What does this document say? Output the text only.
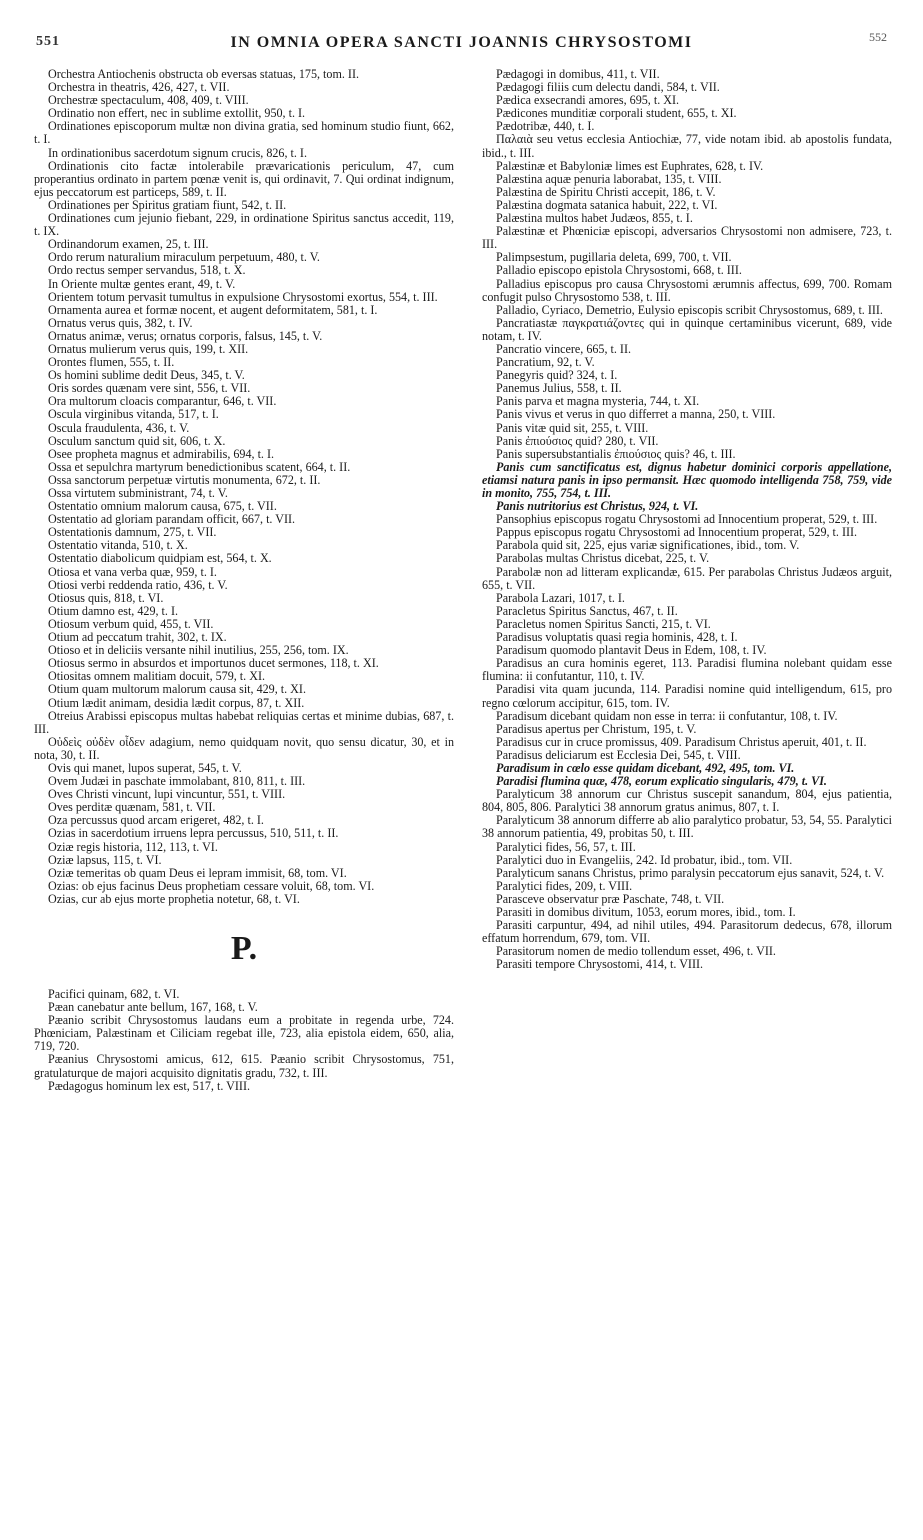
551	IN OMNIA OPERA SANCTI JOANNIS CHRYSOSTOMI	552

Orchestra Antiochenis obstructa ob eversas statuas, 175, tom. II.

Orchestra in theatris, 426, 427, t. VII.

Orchestræ spectaculum, 408, 409, t. VIII.

Ordinatio non effert, nec in sublime extollit, 950, t. I.

Ordinationes episcoporum multæ non divina gratia, sed hominum studio fiunt, 662, t. I.

In ordinationibus sacerdotum signum crucis, 826, t. I.

Ordinationis cito factæ intolerabile prævaricationis periculum, 47, cum properantius ordinato in partem pœnæ venit is, qui ordinavit, 7. Qui ordinat indignum, ejus peccatorum est particeps, 589, t. II.

Ordinationes per Spiritus gratiam fiunt, 542, t. II.

Ordinationes cum jejunio fiebant, 229, in ordinatione Spiritus sanctus accedit, 119, t. IX.

Ordinandorum examen, 25, t. III.

Ordo rerum naturalium miraculum perpetuum, 480, t. V.

Ordo rectus semper servandus, 518, t. X.

In Oriente multæ gentes erant, 49, t. V.

Orientem totum pervasit tumultus in expulsione Chrysostomi exortus, 554, t. III.

Ornamenta aurea et formæ nocent, et augent deformitatem, 581, t. I.

Ornatus verus quis, 382, t. IV.

Ornatus animæ, verus; ornatus corporis, falsus, 145, t. V.

Ornatus mulierum verus quis, 199, t. XII.

Orontes flumen, 555, t. II.

Os homini sublime dedit Deus, 345, t. V.

Oris sordes quænam vere sint, 556, t. VII.

Ora multorum cloacis comparantur, 646, t. VII.

Oscula virginibus vitanda, 517, t. I.

Oscula fraudulenta, 436, t. V.

Osculum sanctum quid sit, 606, t. X.

Osee propheta magnus et admirabilis, 694, t. I.

Ossa et sepulchra martyrum benedictionibus scatent, 664, t. II.

Ossa sanctorum perpetuæ virtutis monumenta, 672, t. II.

Ossa virtutem subministrant, 74, t. V.

Ostentatio omnium malorum causa, 675, t. VII.

Ostentatio ad gloriam parandam officit, 667, t. VII.

Ostentationis damnum, 275, t. VII.

Ostentatio vitanda, 510, t. X.

Ostentatio diabolicum quidpiam est, 564, t. X.

Otiosa et vana verba quæ, 959, t. I.

Otiosi verbi reddenda ratio, 436, t. V.

Otiosus quis, 818, t. VI.

Otium damno est, 429, t. I.

Otiosum verbum quid, 455, t. VII.

Otium ad peccatum trahit, 302, t. IX.

Otioso et in deliciis versante nihil inutilius, 255, 256, tom. IX.

Otiosus sermo in absurdos et importunos ducet sermones, 118, t. XI.

Otiositas omnem malitiam docuit, 579, t. XI.

Otium quam multorum malorum causa sit, 429, t. XI.

Otium lædit animam, desidia lædit corpus, 87, t. XII.

Otreius Arabissi episcopus multas habebat reliquias certas et minime dubias, 687, t. III.

Οὐδεὶς οὐδὲν οἶδεν adagium, nemo quidquam novit, quo sensu dicatur, 30, et in nota, 30, t. II.

Ovis qui manet, lupos superat, 545, t. V.

Ovem Judæi in paschate immolabant, 810, 811, t. III.

Oves Christi vincunt, lupi vincuntur, 551, t. VIII.

Oves perditæ quænam, 581, t. VII.

Oza percussus quod arcam erigeret, 482, t. I.

Ozias in sacerdotium irruens lepra percussus, 510, 511, t. II.

Oziæ regis historia, 112, 113, t. VI.

Oziæ lapsus, 115, t. VI.

Oziæ temeritas ob quam Deus ei lepram immisit, 68, tom. VI.

Ozias: ob ejus facinus Deus prophetiam cessare voluit, 68, tom. VI.

Ozias, cur ab ejus morte prophetia notetur, 68, t. VI.

P.

Pacifici quinam, 682, t. VI.

Pæan canebatur ante bellum, 167, 168, t. V.

Pæanio scribit Chrysostomus laudans eum a probitate in regenda urbe, 724. Phœniciam, Palæstinam et Ciliciam regebat ille, 723, alia epistola eidem, 650, alia, 719, 720.

Pæanius Chrysostomi amicus, 612, 615. Pæanio scribit Chrysostomus, 751, gratulaturque de majori acquisito dignitatis gradu, 732, t. III.

Pædagogus hominum lex est, 517, t. VIII.

Pædagogi in domibus, 411, t. VII.

Pædagogi filiis cum delectu dandi, 584, t. VII.

Pædica exsecrandi amores, 695, t. XI.

Pædicones munditiæ corporali student, 655, t. XI.

Pædotribæ, 440, t. I.

Παλαιὰ seu vetus ecclesia Antiochiæ, 77, vide notam ibid. ab apostolis fundata, ibid., t. III.

Palæstinæ et Babyloniæ limes est Euphrates, 628, t. IV.

Palæstina aquæ penuria laborabat, 135, t. VIII.

Palæstina de Spiritu Christi accepit, 186, t. V.

Palæstina dogmata satanica habuit, 222, t. VI.

Palæstina multos habet Judæos, 855, t. I.

Palæstinæ et Phœniciæ episcopi, adversarios Chrysostomi non admisere, 723, t. III.

Palimpsestum, pugillaria deleta, 699, 700, t. VII.

Palladio episcopo epistola Chrysostomi, 668, t. III.

Palladius episcopus pro causa Chrysostomi ærumnis affectus, 699, 700. Romam confugit pulso Chrysostomo 538, t. III.

Palladio, Cyriaco, Demetrio, Eulysio episcopis scribit Chrysostomus, 689, t. III.

Pancratiastæ παγκρατιάζοντες qui in quinque certaminibus vicerunt, 689, vide notam, t. IV.

Pancratio vincere, 665, t. II.

Pancratium, 92, t. V.

Panegyris quid? 324, t. I.

Panemus Julius, 558, t. II.

Panis parva et magna mysteria, 744, t. XI.

Panis vivus et verus in quo differret a manna, 250, t. VIII.

Panis vitæ quid sit, 255, t. VIII.

Panis ἐπιούσιος quid? 280, t. VII.

Panis supersubstantialis ἐπιούσιος quis? 46, t. III.

Panis cum sanctificatus est, dignus habetur dominici corporis appellatione, etiamsi natura panis in ipso permansit. Hæc quomodo intelligenda 758, 759, vide in monito, 755, 754, t. III.

Panis nutritorius est Christus, 924, t. VI.

Pansophius episcopus rogatu Chrysostomi ad Innocentium properat, 529, t. III.

Pappus episcopus rogatu Chrysostomi ad Innocentium properat, 529, t. III.

Parabola quid sit, 225, ejus variæ significationes, ibid., tom. V.

Parabolas multas Christus dicebat, 225, t. V.

Parabolæ non ad litteram explicandæ, 615. Per parabolas Christus Judæos arguit, 655, t. VII.

Parabola Lazari, 1017, t. I.

Paracletus Spiritus Sanctus, 467, t. II.

Paracletus nomen Spiritus Sancti, 215, t. VI.

Paradisus voluptatis quasi regia hominis, 428, t. I.

Paradisum quomodo plantavit Deus in Edem, 108, t. IV.

Paradisus an cura hominis egeret, 113. Paradisi flumina nolebant quidam esse flumina: ii confutantur, 110, t. IV.

Paradisi vita quam jucunda, 114. Paradisi nomine quid intelligendum, 615, pro regno cœlorum accipitur, 615, tom. IV.

Paradisum dicebant quidam non esse in terra: ii confutantur, 108, t. IV.

Paradisus apertus per Christum, 195, t. V.

Paradisus cur in cruce promissus, 409. Paradisum Christus aperuit, 401, t. II.

Paradisus deliciarum est Ecclesia Dei, 545, t. VIII.

Paradisum in cœlo esse quidam dicebant, 492, 495, tom. VI.

Paradisi flumina quæ, 478, eorum explicatio singularis, 479, t. VI.

Paralyticum 38 annorum cur Christus suscepit sanandum, 804, ejus patientia, 804, 805, 806. Paralytici 38 annorum gratus animus, 807, t. I.

Paralyticum 38 annorum differre ab alio paralytico probatur, 53, 54, 55. Paralytici 38 annorum patientia, 49, probitas 50, t. III.

Paralytici fides, 56, 57, t. III.

Paralytici duo in Evangeliis, 242. Id probatur, ibid., tom. VII.

Paralyticum sanans Christus, primo paralysin peccatorum ejus sanavit, 524, t. V.

Paralytici fides, 209, t. VIII.

Parasceve observatur præ Paschate, 748, t. VII.

Parasiti in domibus divitum, 1053, eorum mores, ibid., tom. I.

Parasiti carpuntur, 494, ad nihil utiles, 494. Parasitorum dedecus, 678, illorum effatum horrendum, 679, tom. VII.

Parasitorum nomen de medio tollendum esset, 496, t. VII.

Parasiti tempore Chrysostomi, 414, t. VIII.
